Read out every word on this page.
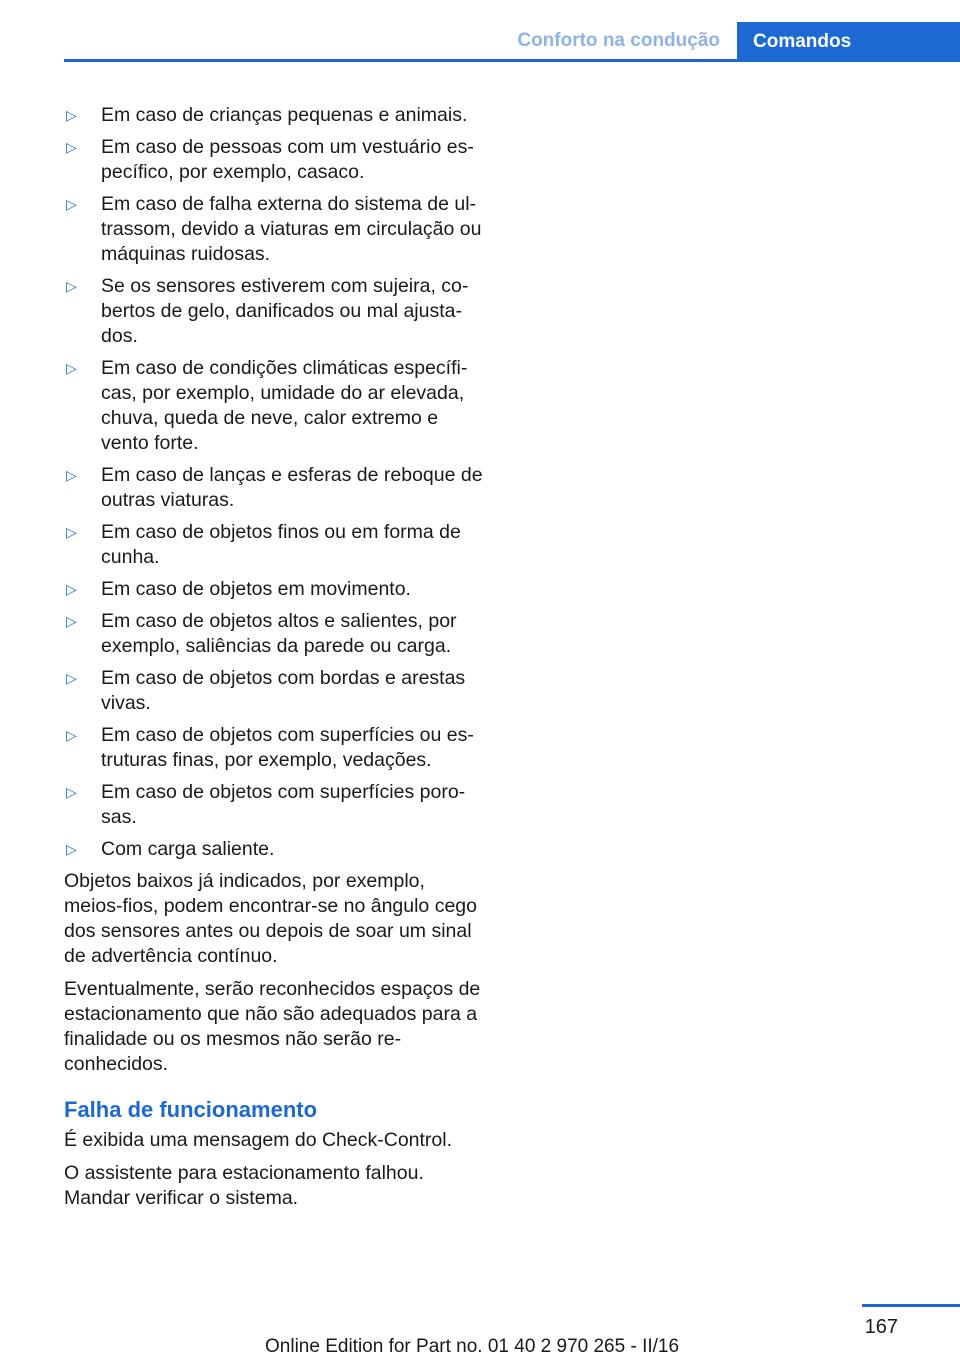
Conforto na condução Comandos
▷	Em caso de crianças pequenas e animais.
▷	Em caso de pessoas com um vestuário es‐ pecífico, por exemplo, casaco.
▷	Em caso de falha externa do sistema de ul‐ trassom, devido a viaturas em circulação ou máquinas ruidosas.
▷	Se os sensores estiverem com sujeira, co‐ bertos de gelo, danificados ou mal ajusta‐ dos.
▷	Em caso de condições climáticas específi‐ cas, por exemplo, umidade do ar elevada, chuva, queda de neve, calor extremo e vento forte.
▷	Em caso de lanças e esferas de reboque de outras viaturas.
▷	Em caso de objetos finos ou em forma de cunha.
▷	Em caso de objetos em movimento.
▷	Em caso de objetos altos e salientes, por exemplo, saliências da parede ou carga.
▷	Em caso de objetos com bordas e arestas vivas.
▷	Em caso de objetos com superfícies ou es‐ truturas finas, por exemplo, vedações.
▷	Em caso de objetos com superfícies poro‐ sas.
▷	Com carga saliente.

Objetos baixos já indicados, por exemplo, meios-fios, podem encontrar-se no ângulo cego dos sensores antes ou depois de soar um sinal de advertência contínuo.

Eventualmente, serão reconhecidos espaços de estacionamento que não são adequados para a finalidade ou os mesmos não serão re‐ conhecidos.

Falha de funcionamento

É exibida uma mensagem do Check-Control.

O assistente para estacionamento falhou. Mandar verificar o sistema.

167
Online Edition for Part no. 01 40 2 970 265 - II/16
